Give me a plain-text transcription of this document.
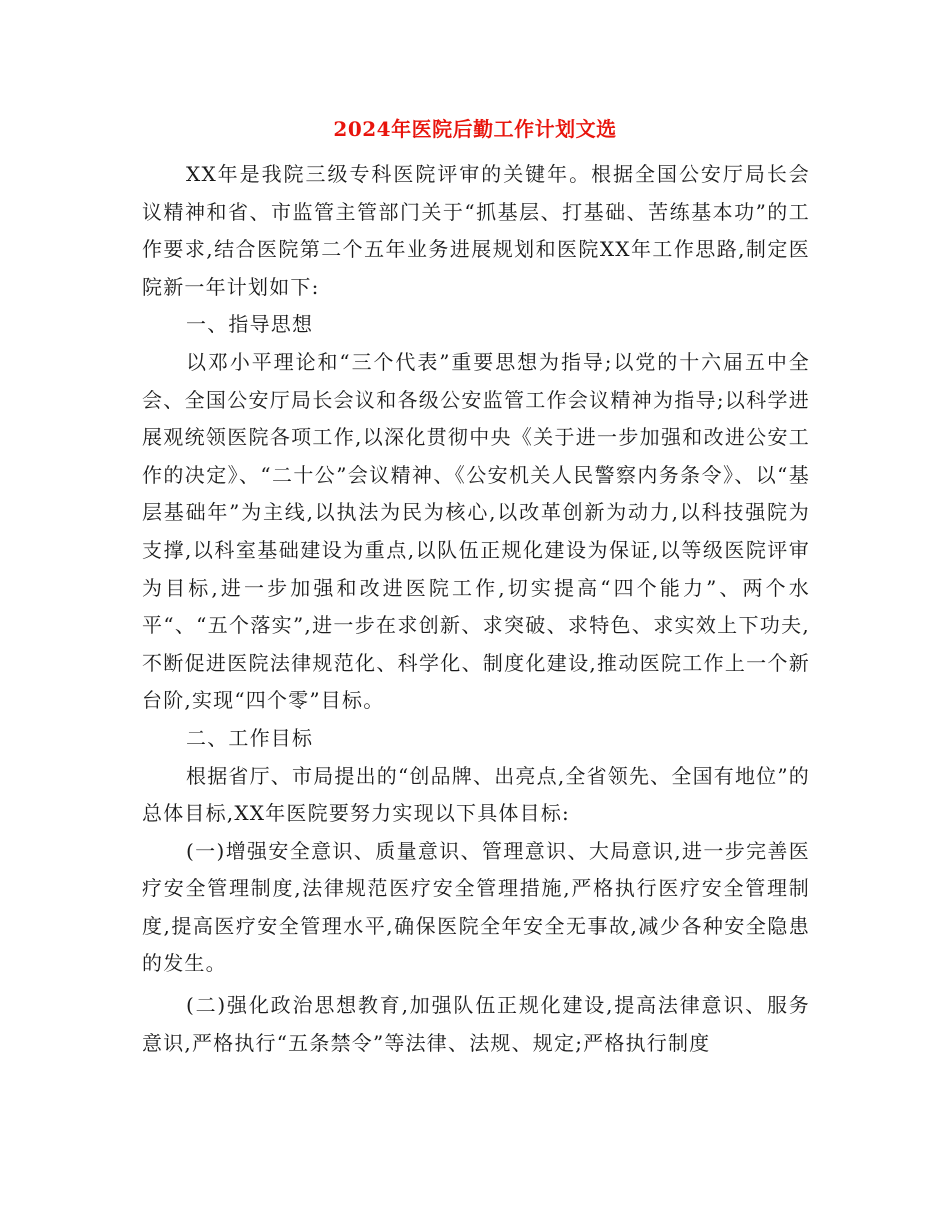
2024年医院后勤工作计划文选

XX年是我院三级专科医院评审的关键年。根据全国公安厅局长会议精神和省、市监管主管部门关于“抓基层、打基础、苦练基本功”的工作要求,结合医院第二个五年业务进展规划和医院XX年工作思路,制定医院新一年计划如下:

一、指导思想

以邓小平理论和“三个代表”重要思想为指导;以党的十六届五中全会、全国公安厅局长会议和各级公安监管工作会议精神为指导;以科学进展观统领医院各项工作,以深化贯彻中央《关于进一步加强和改进公安工作的决定》、“二十公”会议精神、《公安机关人民警察内务条令》、以“基层基础年”为主线,以执法为民为核心,以改革创新为动力,以科技强院为支撑,以科室基础建设为重点,以队伍正规化建设为保证,以等级医院评审为目标,进一步加强和改进医院工作,切实提高“四个能力”、两个水平“、“五个落实”,进一步在求创新、求突破、求特色、求实效上下功夫,不断促进医院法律规范化、科学化、制度化建设,推动医院工作上一个新台阶,实现“四个零”目标。

二、工作目标

根据省厅、市局提出的“创品牌、出亮点,全省领先、全国有地位”的总体目标,XX年医院要努力实现以下具体目标:

(一)增强安全意识、质量意识、管理意识、大局意识,进一步完善医疗安全管理制度,法律规范医疗安全管理措施,严格执行医疗安全管理制度,提高医疗安全管理水平,确保医院全年安全无事故,减少各种安全隐患的发生。

(二)强化政治思想教育,加强队伍正规化建设,提高法律意识、服务意识,严格执行“五条禁令”等法律、法规、规定;严格执行制度
